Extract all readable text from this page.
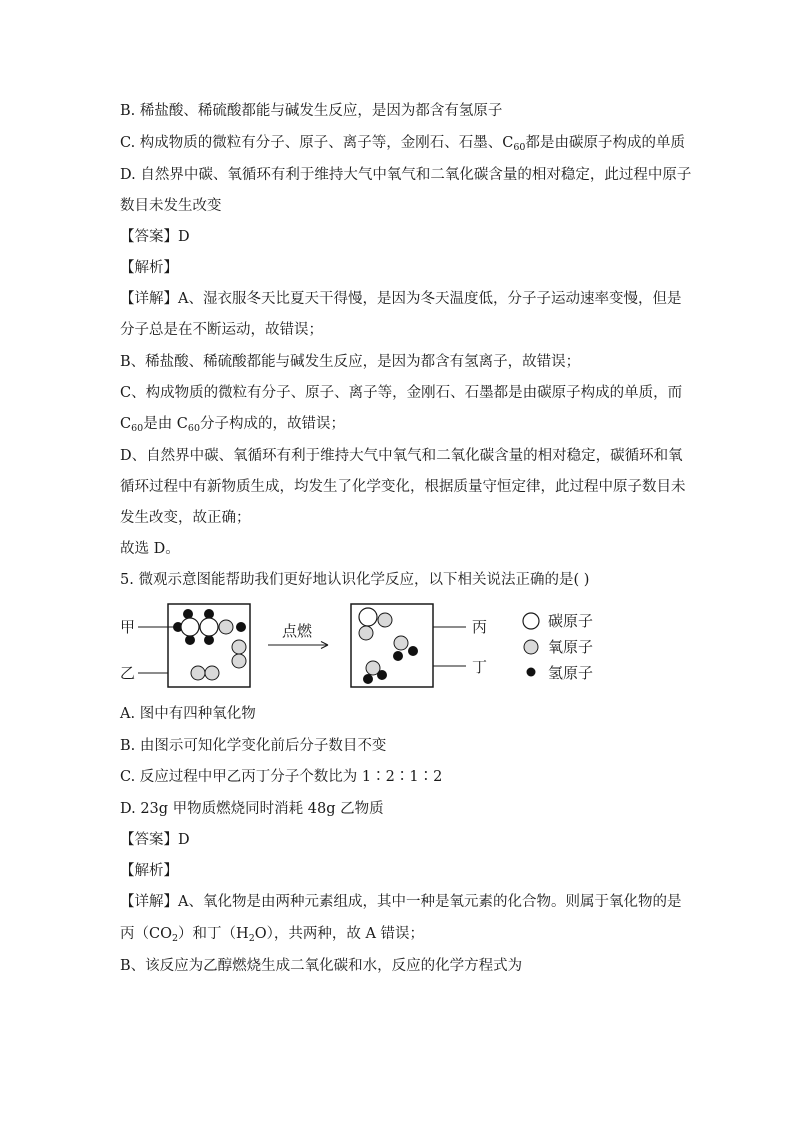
B. 稀盐酸、稀硫酸都能与碱发生反应，是因为都含有氢原子
C. 构成物质的微粒有分子、原子、离子等，金刚石、石墨、$C_{60}$都是由碳原子构成的单质
D. 自然界中碳、氧循环有利于维持大气中氧气和二氧化碳含量的相对稳定，此过程中原子
数目未发生改变
【答案】D
【解析】
【详解】A、湿衣服冬天比夏天干得慢，是因为冬天温度低，分子子运动速率变慢，但是
分子总是在不断运动，故错误；
B、稀盐酸、稀硫酸都能与碱发生反应，是因为都含有氢离子，故错误；
C、构成物质的微粒有分子、原子、离子等，金刚石、石墨都是由碳原子构成的单质，而
$C_{60}$是由 $C_{60}$分子构成的，故错误；
D、自然界中碳、氧循环有利于维持大气中氧气和二氧化碳含量的相对稳定，碳循环和氧
循环过程中有新物质生成，均发生了化学变化，根据质量守恒定律，此过程中原子数目未
发生改变，故正确；
故选 D。
5. 微观示意图能帮助我们更好地认识化学反应，以下相关说法正确的是( )
甲
乙
点燃	丙
丁
碳原子
氧原子
氢原子
A. 图中有四种氧化物
B. 由图示可知化学变化前后分子数目不变
C. 反应过程中甲乙丙丁分子个数比为 1∶2∶1∶2
D. 23g 甲物质燃烧同时消耗 48g 乙物质
【答案】D
【解析】
【详解】A、氧化物是由两种元素组成，其中一种是氧元素的化合物。则属于氧化物的是
丙$(CO_2)$和丁$(H_2O)$，共两种，故 A 错误；
B、该反应为乙醇燃烧生成二氧化碳和水，反应的化学方程式为
